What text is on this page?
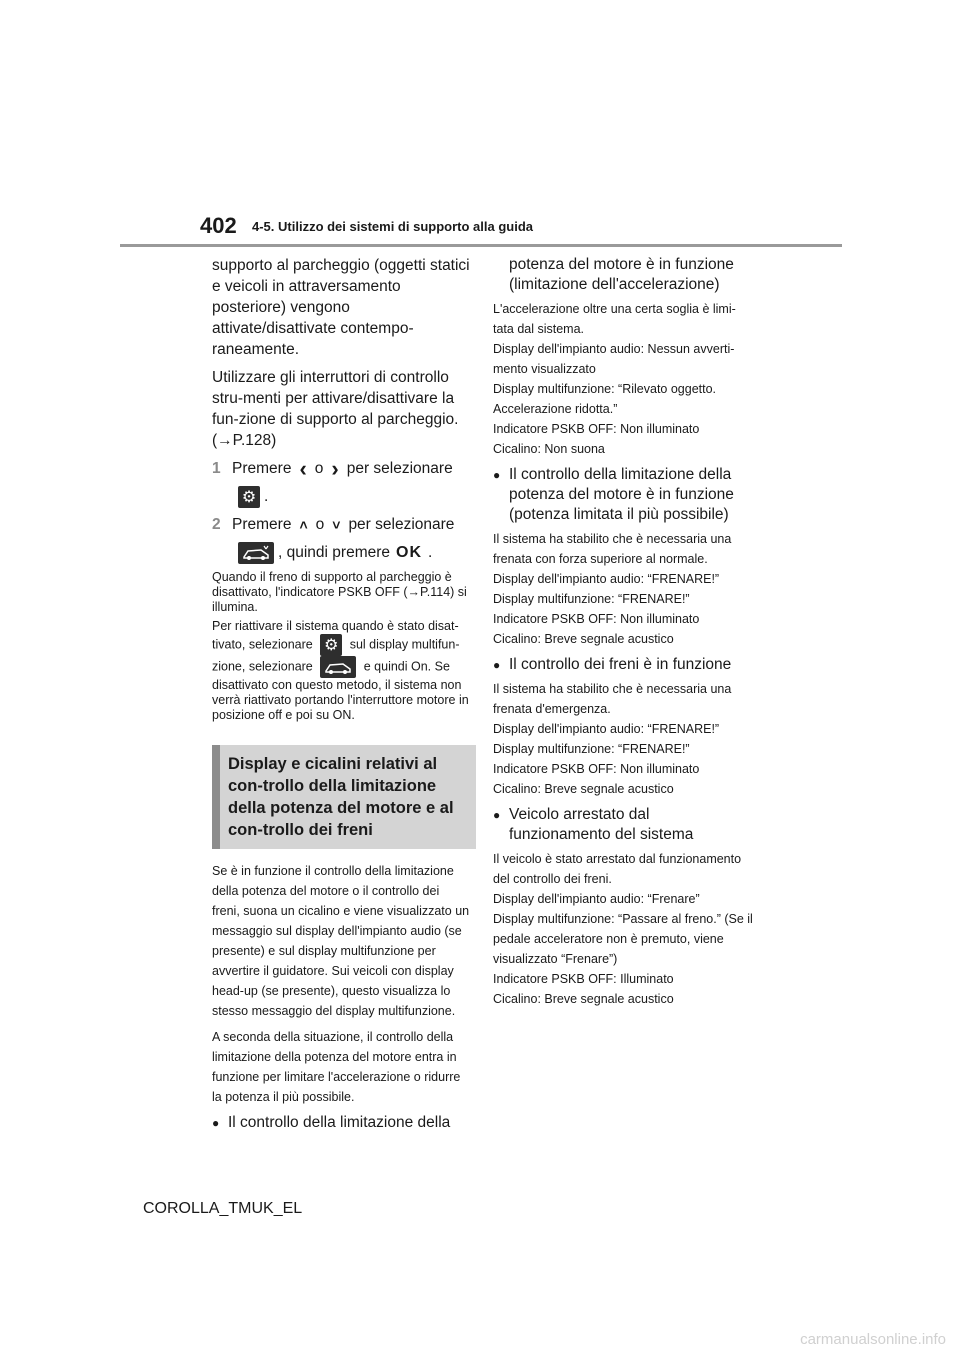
402 4-5. Utilizzo dei sistemi di supporto alla guida

supporto al parcheggio (oggetti statici e veicoli in attraversamento posteriore) vengono attivate/disattivate contempo-raneamente.

Utilizzare gli interruttori di controllo stru-menti per attivare/disattivare la fun-zione di supporto al parcheggio. (→P.128)

1 Premere ‹ o › per selezionare
⚙ .
2 Premere ˄ o ˅ per selezionare
, quindi premere OK .

Quando il freno di supporto al parcheggio è disattivato, l'indicatore PSKB OFF (→P.114) si illumina.

Per riattivare il sistema quando è stato disat-tivato, selezionare ⚙ sul display multifun-zione, selezionare	e quindi On. Se disattivato con questo metodo, il sistema non verrà riattivato portando l'interruttore motore in posizione off e poi su ON.

Display e cicalini relativi al con-trollo della limitazione della potenza del motore e al con-trollo dei freni

Se è in funzione il controllo della limitazione della potenza del motore o il controllo dei freni, suona un cicalino e viene visualizzato un messaggio sul display dell'impianto audio (se presente) e sul display multifunzione per avvertire il guidatore. Sui veicoli con display head-up (se presente), questo visualizza lo stesso messaggio del display multifunzione.

A seconda della situazione, il controllo della limitazione della potenza del motore entra in funzione per limitare l'accelerazione o ridurre la potenza il più possibile.

● Il controllo della limitazione della
potenza del motore è in funzione (limitazione dell'accelerazione)

L'accelerazione oltre una certa soglia è limi-tata dal sistema.

Display dell'impianto audio: Nessun avverti-mento visualizzato

Display multifunzione: “Rilevato oggetto. Accelerazione ridotta.”

Indicatore PSKB OFF: Non illuminato

Cicalino: Non suona

● Il controllo della limitazione della potenza del motore è in funzione (potenza limitata il più possibile)

Il sistema ha stabilito che è necessaria una frenata con forza superiore al normale.

Display dell'impianto audio: “FRENARE!”

Display multifunzione: “FRENARE!”

Indicatore PSKB OFF: Non illuminato

Cicalino: Breve segnale acustico

● Il controllo dei freni è in funzione

Il sistema ha stabilito che è necessaria una frenata d'emergenza.

Display dell'impianto audio: “FRENARE!”

Display multifunzione: “FRENARE!”

Indicatore PSKB OFF: Non illuminato

Cicalino: Breve segnale acustico

● Veicolo arrestato dal funzionamento del sistema

Il veicolo è stato arrestato dal funzionamento del controllo dei freni.

Display dell'impianto audio: “Frenare”

Display multifunzione: “Passare al freno.” (Se il pedale acceleratore non è premuto, viene visualizzato “Frenare”)

Indicatore PSKB OFF: Illuminato

Cicalino: Breve segnale acustico

COROLLA_TMUK_EL
carmanualsonline.info
